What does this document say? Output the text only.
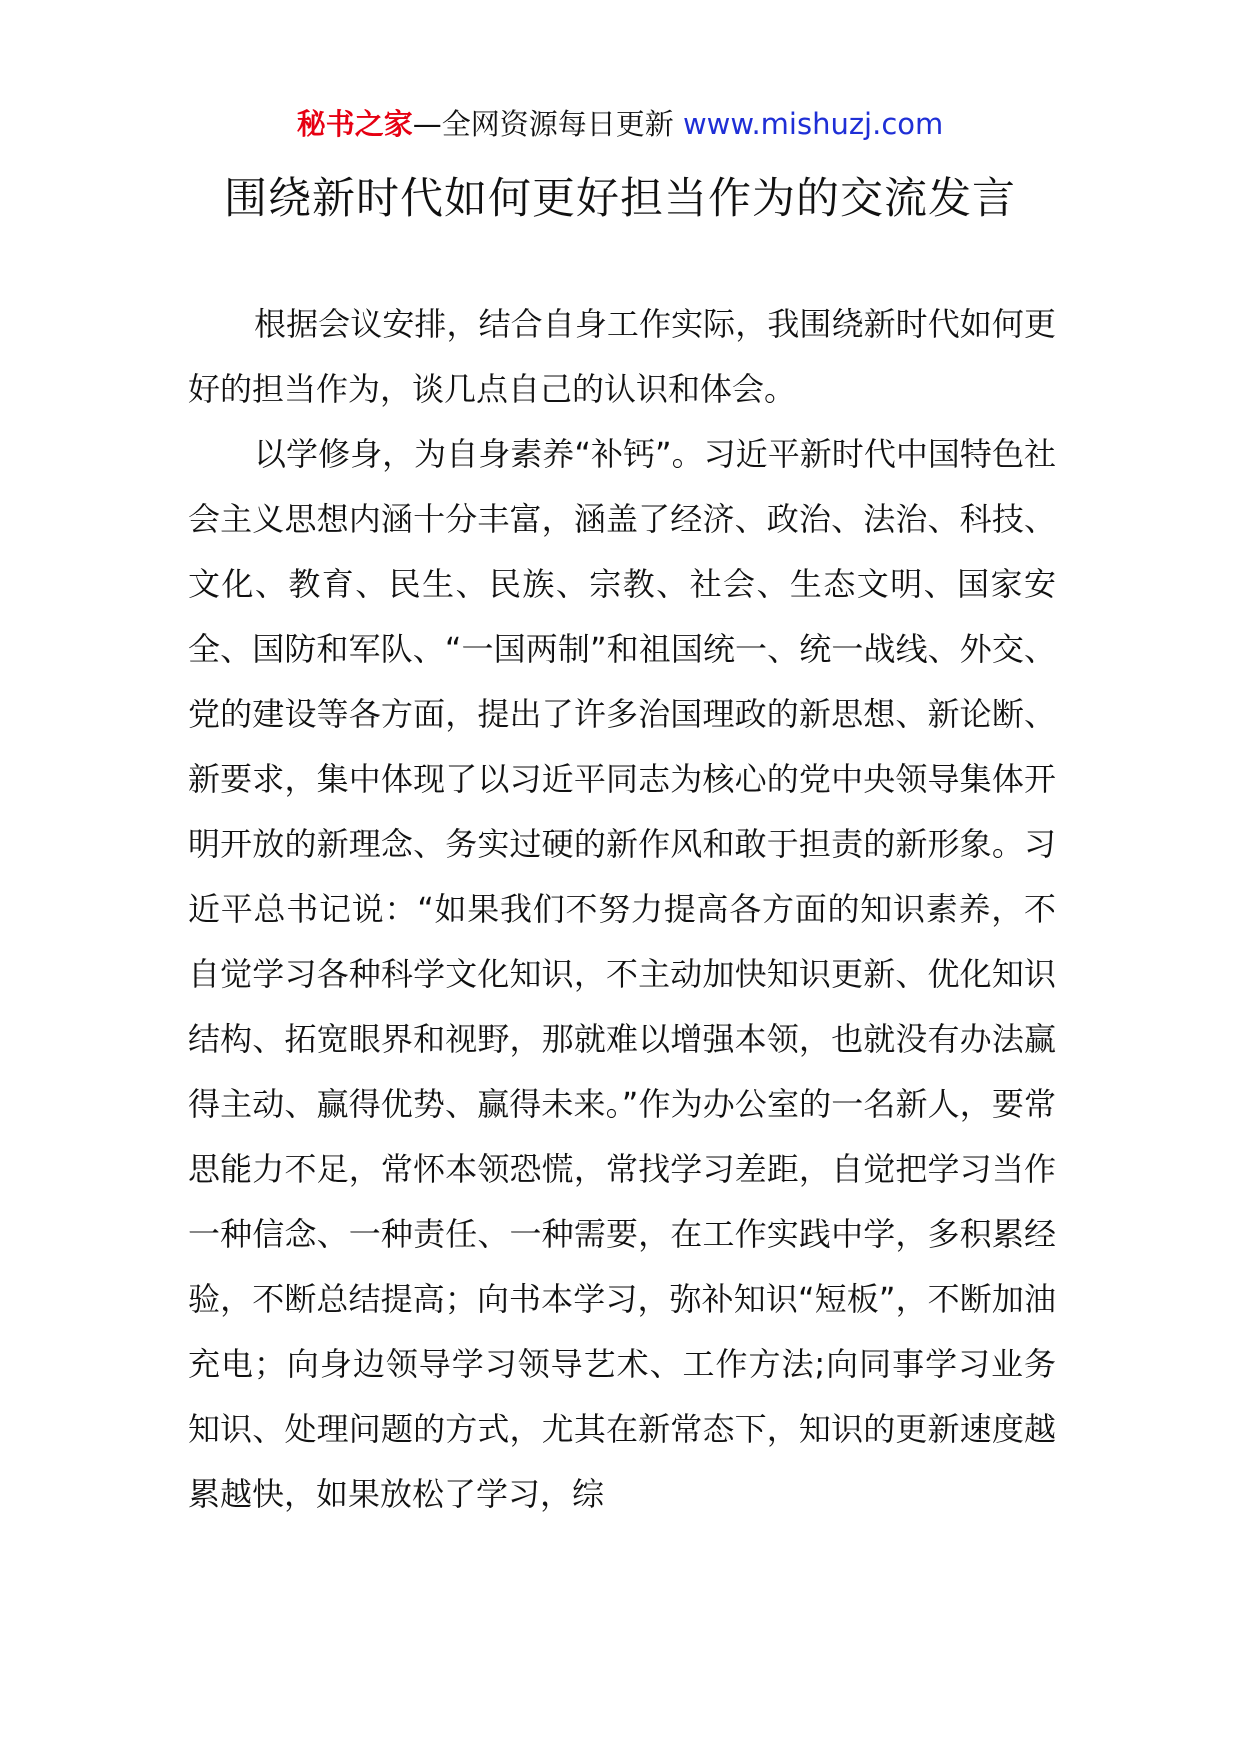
秘书之家—全网资源每日更新 www.mishuzj.com
围绕新时代如何更好担当作为的交流发言

根据会议安排，结合自身工作实际，我围绕新时代如何更好的担当作为，谈几点自己的认识和体会。

以学修身，为自身素养“补钙”。习近平新时代中国特色社会主义思想内涵十分丰富，涵盖了经济、政治、法治、科技、文化、教育、民生、民族、宗教、社会、生态文明、国家安全、国防和军队、“一国两制”和祖国统一、统一战线、外交、党的建设等各方面，提出了许多治国理政的新思想、新论断、新要求，集中体现了以习近平同志为核心的党中央领导集体开明开放的新理念、务实过硬的新作风和敢于担责的新形象。习近平总书记说：“如果我们不努力提高各方面的知识素养，不自觉学习各种科学文化知识，不主动加快知识更新、优化知识结构、拓宽眼界和视野，那就难以增强本领，也就没有办法赢得主动、赢得优势、赢得未来。”作为办公室的一名新人，要常思能力不足，常怀本领恐慌，常找学习差距，自觉把学习当作一种信念、一种责任、一种需要，在工作实践中学，多积累经验，不断总结提高；向书本学习，弥补知识“短板”，不断加油充电；向身边领导学习领导艺术、工作方法;向同事学习业务知识、处理问题的方式，尤其在新常态下，知识的更新速度越累越快，如果放松了学习，综
